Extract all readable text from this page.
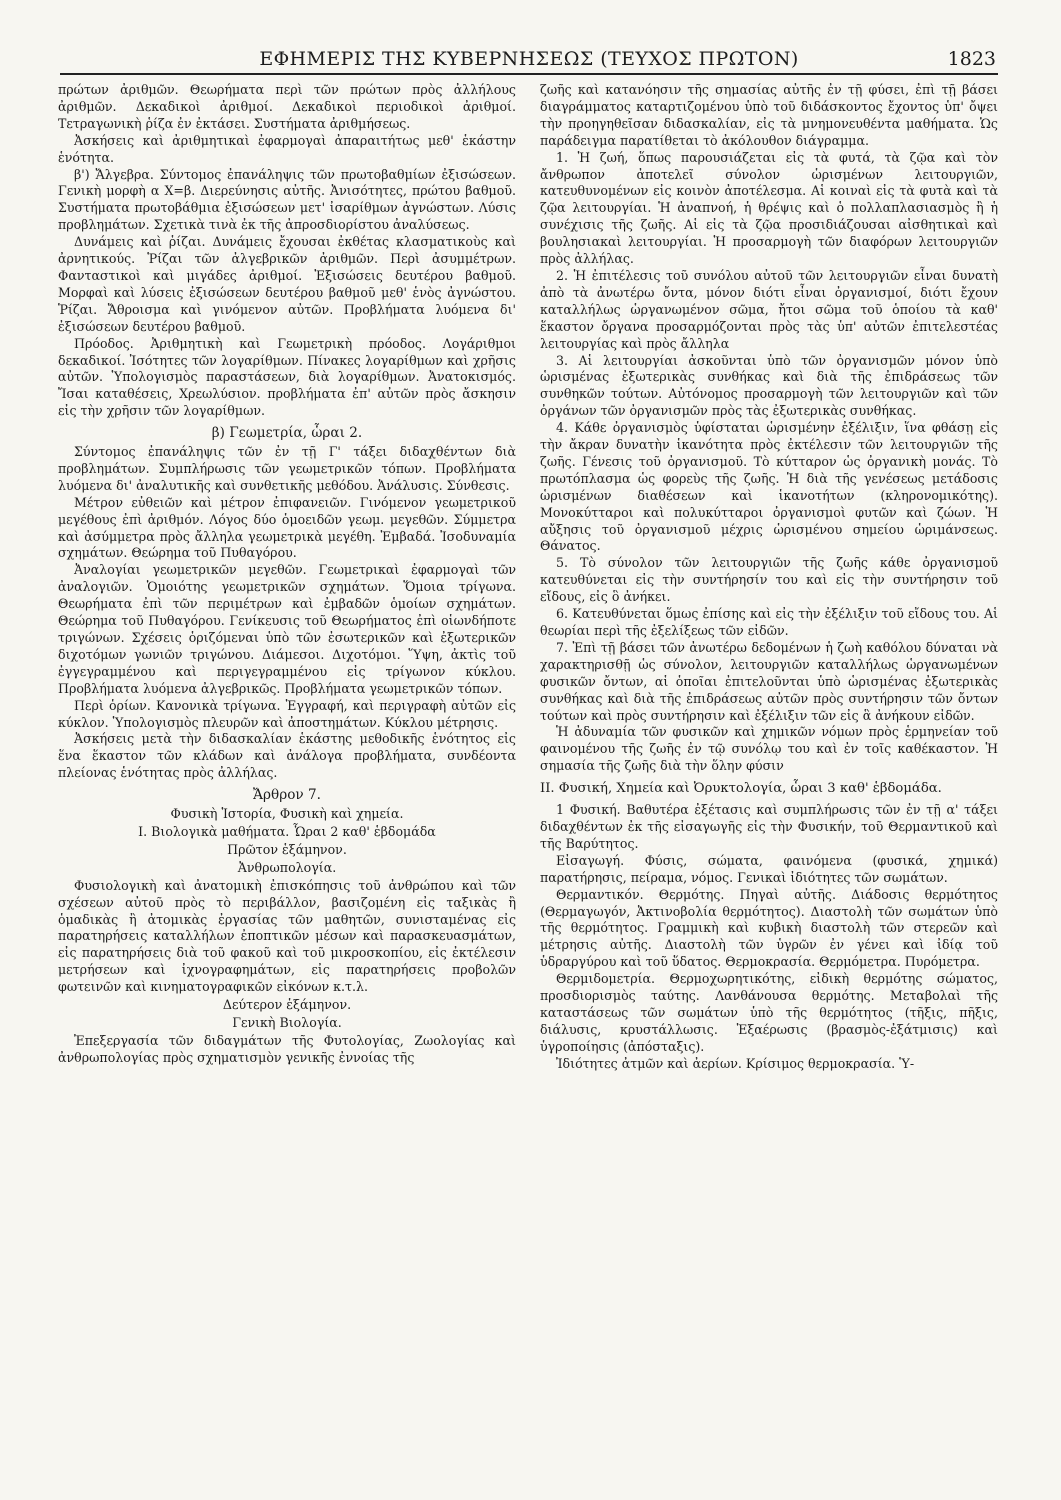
ΕΦΗΜΕΡΙΣ ΤΗΣ ΚΥΒΕΡΝΗΣΕΩΣ (ΤΕΥΧΟΣ ΠΡΩΤΟΝ)	1823

πρώτων ἀριθμῶν. Θεωρήματα περὶ τῶν πρώτων πρὸς ἀλλήλους ἀριθμῶν. Δεκαδικοὶ ἀριθμοί. Δεκαδικοὶ περιοδικοὶ ἀριθμοί. Τετραγωνικὴ ῥίζα ἐν ἐκτάσει. Συστήματα ἀριθμήσεως.

Ἀσκήσεις καὶ ἀριθμητικαὶ ἐφαρμογαὶ ἀπαραιτήτως μεθ' ἑκάστην ἑνότητα.

β') Ἄλγεβρα. Σύντομος ἐπανάληψις τῶν πρωτοβαθμίων ἐξισώσεων. Γενικὴ μορφὴ α Χ=β. Διερεύνησις αὐτῆς. Ἀνισότητες, πρώτου βαθμοῦ. Συστήματα πρωτοβάθμια ἐξισώσεων μετ' ἰσαρίθμων ἀγνώστων. Λύσις προβλημάτων. Σχετικὰ τινὰ ἐκ τῆς ἀπροσδιορίστου ἀναλύσεως.

Δυνάμεις καὶ ῥίζαι. Δυνάμεις ἔχουσαι ἐκθέτας κλασματικοὺς καὶ ἀρνητικούς. Ῥίζαι τῶν ἀλγεβρικῶν ἀριθμῶν. Περὶ ἀσυμμέτρων. Φανταστικοὶ καὶ μιγάδες ἀριθμοί. Ἐξισώσεις δευτέρου βαθμοῦ. Μορφαὶ καὶ λύσεις ἐξισώσεων δευτέρου βαθμοῦ μεθ' ἑνὸς ἀγνώστου. Ῥίζαι. Ἄθροισμα καὶ γινόμενον αὐτῶν. Προβλήματα λυόμενα δι' ἐξισώσεων δευτέρου βαθμοῦ.

Πρόοδος. Ἀριθμητικὴ καὶ Γεωμετρικὴ πρόοδος. Λογάριθμοι δεκαδικοί. Ἰσότητες τῶν λογαρίθμων. Πίνακες λογαρίθμων καὶ χρῆσις αὐτῶν. Ὑπολογισμὸς παραστάσεων, διὰ λογαρίθμων. Ἀνατοκισμός. Ἴσαι καταθέσεις, Χρεωλύσιον. προβλήματα ἐπ' αὐτῶν πρὸς ἄσκησιν εἰς τὴν χρῆσιν τῶν λογαρίθμων.

β) Γεωμετρία, ὧραι 2.

Σύντομος ἐπανάληψις τῶν ἐν τῇ Γ' τάξει διδαχθέντων διὰ προβλημάτων. Συμπλήρωσις τῶν γεωμετρικῶν τόπων. Προβλήματα λυόμενα δι' ἀναλυτικῆς καὶ συνθετικῆς μεθόδου. Ἀνάλυσις. Σύνθεσις.

Μέτρον εὐθειῶν καὶ μέτρον ἐπιφανειῶν. Γινόμενον γεωμετρικοῦ μεγέθους ἐπὶ ἀριθμόν. Λόγος δύο ὁμοειδῶν γεωμ. μεγεθῶν. Σύμμετρα καὶ ἀσύμμετρα πρὸς ἄλληλα γεωμετρικὰ μεγέθη. Ἐμβαδά. Ἰσοδυναμία σχημάτων. Θεώρημα τοῦ Πυθαγόρου.

Ἀναλογίαι γεωμετρικῶν μεγεθῶν. Γεωμετρικαὶ ἐφαρμογαὶ τῶν ἀναλογιῶν. Ὁμοιότης γεωμετρικῶν σχημάτων. Ὅμοια τρίγωνα. Θεωρήματα ἐπὶ τῶν περιμέτρων καὶ ἐμβαδῶν ὁμοίων σχημάτων. Θεώρημα τοῦ Πυθαγόρου. Γενίκευσις τοῦ Θεωρήματος ἐπὶ οἱωνδήποτε τριγώνων. Σχέσεις ὁριζόμεναι ὑπὸ τῶν ἐσωτερικῶν καὶ ἐξωτερικῶν διχοτόμων γωνιῶν τριγώνου. Διάμεσοι. Διχοτόμοι. Ὕψη, ἀκτὶς τοῦ ἐγγεγραμμένου καὶ περιγεγραμμένου εἰς τρίγωνον κύκλου. Προβλήματα λυόμενα ἀλγεβρικῶς. Προβλήματα γεωμετρικῶν τόπων.

Περὶ ὁρίων. Κανονικὰ τρίγωνα. Ἐγγραφή, καὶ περιγραφὴ αὐτῶν εἰς κύκλον. Ὑπολογισμὸς πλευρῶν καὶ ἀποστημάτων. Κύκλου μέτρησις.

Ἀσκήσεις μετὰ τὴν διδασκαλίαν ἑκάστης μεθοδικῆς ἑνότητος εἰς ἕνα ἕκαστον τῶν κλάδων καὶ ἀνάλογα προβλήματα, συνδέοντα πλείονας ἑνότητας πρὸς ἀλλήλας.

Ἄρθρον 7.
Φυσικὴ Ἱστορία, Φυσικὴ καὶ χημεία.
Ι. Βιολογικὰ μαθήματα. Ὧραι 2 καθ' ἑβδομάδα
Πρῶτον ἑξάμηνον.
Ἀνθρωπολογία.

Φυσιολογικὴ καὶ ἀνατομικὴ ἐπισκόπησις τοῦ ἀνθρώπου καὶ τῶν σχέσεων αὐτοῦ πρὸς τὸ περιβάλλον, βασιζομένη εἰς ταξικὰς ἢ ὁμαδικὰς ἢ ἀτομικὰς ἐργασίας τῶν μαθητῶν, συνισταμένας εἰς παρατηρήσεις καταλλήλων ἐποπτικῶν μέσων καὶ παρασκευασμάτων, εἰς παρατηρήσεις διὰ τοῦ φακοῦ καὶ τοῦ μικροσκοπίου, εἰς ἐκτέλεσιν μετρήσεων καὶ ἰχνογραφημάτων, εἰς παρατηρήσεις προβολῶν φωτεινῶν καὶ κινηματογραφικῶν εἰκόνων κ.τ.λ.

Δεύτερον ἑξάμηνον.
Γενικὴ Βιολογία.

Ἐπεξεργασία τῶν διδαγμάτων τῆς Φυτολογίας, Ζωολογίας καὶ ἀνθρωπολογίας πρὸς σχηματισμὸν γενικῆς ἐννοίας τῆς

ζωῆς καὶ κατανόησιν τῆς σημασίας αὐτῆς ἐν τῇ φύσει, ἐπὶ τῇ βάσει διαγράμματος καταρτιζομένου ὑπὸ τοῦ διδάσκοντος ἔχοντος ὑπ' ὄψει τὴν προηγηθεῖσαν διδασκαλίαν, εἰς τὰ μνημονευθέντα μαθήματα. Ὡς παράδειγμα παρατίθεται τὸ ἀκόλουθον διάγραμμα.

1. Ἡ ζωή, ὅπως παρουσιάζεται εἰς τὰ φυτά, τὰ ζῷα καὶ τὸν ἄνθρωπον ἀποτελεῖ σύνολον ὡρισμένων λειτουργιῶν, κατευθυνομένων εἰς κοινὸν ἀποτέλεσμα. Αἱ κοιναὶ εἰς τὰ φυτὰ καὶ τὰ ζῷα λειτουργίαι. Ἡ ἀναπνοή, ἡ θρέψις καὶ ὁ πολλαπλασιασμὸς ἢ ἡ συνέχισις τῆς ζωῆς. Αἱ εἰς τὰ ζῷα προσιδιάζουσαι αἰσθητικαὶ καὶ βουλησιακαὶ λειτουργίαι. Ἡ προσαρμογὴ τῶν διαφόρων λειτουργιῶν πρὸς ἀλλήλας.

2. Ἡ ἐπιτέλεσις τοῦ συνόλου αὐτοῦ τῶν λειτουργιῶν εἶναι δυνατὴ ἀπὸ τὰ ἀνωτέρω ὄντα, μόνον διότι εἶναι ὀργανισμοί, διότι ἔχουν καταλλήλως ὡργανωμένον σῶμα, ἤτοι σῶμα τοῦ ὁποίου τὰ καθ' ἕκαστον ὄργανα προσαρμόζονται πρὸς τὰς ὑπ' αὐτῶν ἐπιτελεστέας λειτουργίας καὶ πρὸς ἄλληλα

3. Αἱ λειτουργίαι ἀσκοῦνται ὑπὸ τῶν ὀργανισμῶν μόνον ὑπὸ ὡρισμένας ἐξωτερικὰς συνθήκας καὶ διὰ τῆς ἐπιδράσεως τῶν συνθηκῶν τούτων. Αὐτόνομος προσαρμογὴ τῶν λειτουργιῶν καὶ τῶν ὀργάνων τῶν ὀργανισμῶν πρὸς τὰς ἐξωτερικὰς συνθήκας.

4. Κάθε ὀργανισμὸς ὑφίσταται ὡρισμένην ἐξέλιξιν, ἵνα φθάσῃ εἰς τὴν ἄκραν δυνατὴν ἱκανότητα πρὸς ἐκτέλεσιν τῶν λειτουργιῶν τῆς ζωῆς. Γένεσις τοῦ ὀργανισμοῦ. Τὸ κύτταρον ὡς ὀργανικὴ μονάς. Τὸ πρωτόπλασμα ὡς φορεὺς τῆς ζωῆς. Ἡ διὰ τῆς γενέσεως μετάδοσις ὡρισμένων διαθέσεων καὶ ἱκανοτήτων (κληρονομικότης). Μονοκύτταροι καὶ πολυκύτταροι ὀργανισμοὶ φυτῶν καὶ ζώων. Ἡ αὔξησις τοῦ ὀργανισμοῦ μέχρις ὡρισμένου σημείου ὡριμάνσεως. Θάνατος.

5. Τὸ σύνολον τῶν λειτουργιῶν τῆς ζωῆς κάθε ὀργανισμοῦ κατευθύνεται εἰς τὴν συντήρησίν του καὶ εἰς τὴν συντήρησιν τοῦ εἴδους, εἰς ὃ ἀνήκει.

6. Κατευθύνεται ὅμως ἐπίσης καὶ εἰς τὴν ἐξέλιξιν τοῦ εἴδους του. Αἱ θεωρίαι περὶ τῆς ἐξελίξεως τῶν εἰδῶν.

7. Ἐπὶ τῇ βάσει τῶν ἀνωτέρω δεδομένων ἡ ζωὴ καθόλου δύναται νὰ χαρακτηρισθῇ ὡς σύνολον, λειτουργιῶν καταλλήλως ὡργανωμένων φυσικῶν ὄντων, αἱ ὁποῖαι ἐπιτελοῦνται ὑπὸ ὡρισμένας ἐξωτερικὰς συνθήκας καὶ διὰ τῆς ἐπιδράσεως αὐτῶν πρὸς συντήρησιν τῶν ὄντων τούτων καὶ πρὸς συντήρησιν καὶ ἐξέλιξιν τῶν εἰς ἃ ἀνήκουν εἰδῶν.

Ἡ ἀδυναμία τῶν φυσικῶν καὶ χημικῶν νόμων πρὸς ἑρμηνείαν τοῦ φαινομένου τῆς ζωῆς ἐν τῷ συνόλῳ του καὶ ἐν τοῖς καθέκαστον. Ἡ σημασία τῆς ζωῆς διὰ τὴν ὅλην φύσιν

ΙΙ. Φυσική, Χημεία καὶ Ὀρυκτολογία, ὧραι 3 καθ' ἑβδομάδα.

1 Φυσική. Βαθυτέρα ἐξέτασις καὶ συμπλήρωσις τῶν ἐν τῇ α' τάξει διδαχθέντων ἐκ τῆς εἰσαγωγῆς εἰς τὴν Φυσικήν, τοῦ Θερμαντικοῦ καὶ τῆς Βαρύτητος.

Εἰσαγωγή. Φύσις, σώματα, φαινόμενα (φυσικά, χημικά) παρατήρησις, πείραμα, νόμος. Γενικαὶ ἰδιότητες τῶν σωμάτων.

Θερμαντικόν. Θερμότης. Πηγαὶ αὐτῆς. Διάδοσις θερμότητος (Θερμαγωγόν, Ἀκτινοβολία θερμότητος). Διαστολὴ τῶν σωμάτων ὑπὸ τῆς θερμότητος. Γραμμικὴ καὶ κυβικὴ διαστολὴ τῶν στερεῶν καὶ μέτρησις αὐτῆς. Διαστολὴ τῶν ὑγρῶν ἐν γένει καὶ ἰδίᾳ τοῦ ὑδραργύρου καὶ τοῦ ὕδατος. Θερμοκρασία. Θερμόμετρα. Πυρόμετρα.

Θερμιδομετρία. Θερμοχωρητικότης, εἰδικὴ θερμότης σώματος, προσδιορισμὸς ταύτης. Λανθάνουσα θερμότης. Μεταβολαὶ τῆς καταστάσεως τῶν σωμάτων ὑπὸ τῆς θερμότητος (τῆξις, πῆξις, διάλυσις, κρυστάλλωσις. Ἐξαέρωσις (βρασμὸς-ἐξάτμισις) καὶ ὑγροποίησις (ἀπόσταξις).

Ἰδιότητες ἀτμῶν καὶ ἀερίων. Κρίσιμος θερμοκρασία. Ὑ-
